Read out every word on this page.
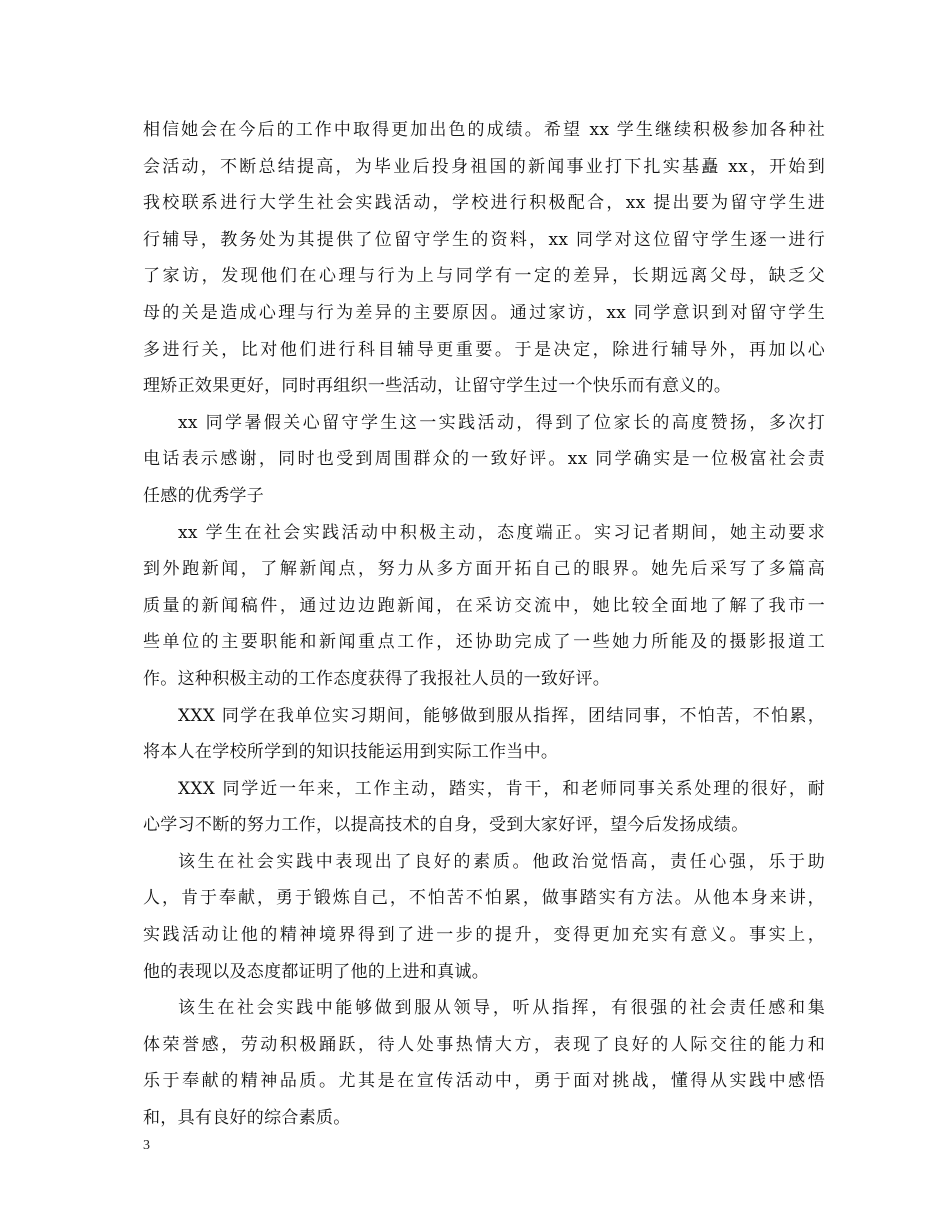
相信她会在今后的工作中取得更加出色的成绩。希望 xx 学生继续积极参加各种社
会活动，不断总结提高，为毕业后投身祖国的新闻事业打下扎实基矗 xx，开始到
我校联系进行大学生社会实践活动，学校进行积极配合，xx 提出要为留守学生进
行辅导，教务处为其提供了位留守学生的资料，xx 同学对这位留守学生逐一进行
了家访，发现他们在心理与行为上与同学有一定的差异，长期远离父母，缺乏父
母的关是造成心理与行为差异的主要原因。通过家访，xx 同学意识到对留守学生
多进行关，比对他们进行科目辅导更重要。于是决定，除进行辅导外，再加以心
理矫正效果更好，同时再组织一些活动，让留守学生过一个快乐而有意义的。
xx 同学暑假关心留守学生这一实践活动，得到了位家长的高度赞扬，多次打
电话表示感谢，同时也受到周围群众的一致好评。xx 同学确实是一位极富社会责
任感的优秀学子
xx 学生在社会实践活动中积极主动，态度端正。实习记者期间，她主动要求
到外跑新闻，了解新闻点，努力从多方面开拓自己的眼界。她先后采写了多篇高
质量的新闻稿件，通过边边跑新闻，在采访交流中，她比较全面地了解了我市一
些单位的主要职能和新闻重点工作，还协助完成了一些她力所能及的摄影报道工
作。这种积极主动的工作态度获得了我报社人员的一致好评。
XXX 同学在我单位实习期间，能够做到服从指挥，团结同事，不怕苦，不怕累，
将本人在学校所学到的知识技能运用到实际工作当中。
XXX 同学近一年来，工作主动，踏实，肯干，和老师同事关系处理的很好，耐
心学习不断的努力工作，以提高技术的自身，受到大家好评，望今后发扬成绩。
该生在社会实践中表现出了良好的素质。他政治觉悟高，责任心强，乐于助
人，肯于奉献，勇于锻炼自己，不怕苦不怕累，做事踏实有方法。从他本身来讲，
实践活动让他的精神境界得到了进一步的提升，变得更加充实有意义。事实上，
他的表现以及态度都证明了他的上进和真诚。
该生在社会实践中能够做到服从领导，听从指挥，有很强的社会责任感和集
体荣誉感，劳动积极踊跃，待人处事热情大方，表现了良好的人际交往的能力和
乐于奉献的精神品质。尤其是在宣传活动中，勇于面对挑战，懂得从实践中感悟
和，具有良好的综合素质。
3
